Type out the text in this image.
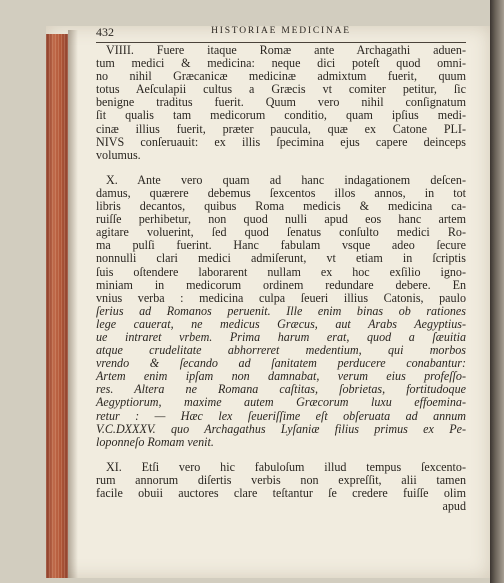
432	HISTORIAE MEDICINAE
VIIII. Fuere itaque Romæ ante Archagathi aduen-
tum medici & medicina: neque dici poteſt quod omni-
no nihil Græcanicæ medicinæ admixtum fuerit, quum
totus Aeſculapii cultus a Græcis vt comiter petitur, ſic
benigne traditus fuerit. Quum vero nihil conſignatum
ſit qualis tam medicorum conditio, quam ipſius medi-
cinæ illius fuerit, præter paucula, quæ ex Catone PLI-
NIVS conſeruauit: ex illis ſpecimina ejus capere deinceps
volumus.
X. Ante vero quam ad hanc indagationem deſcen-
damus, quærere debemus ſexcentos illos annos, in tot
libris decantos, quibus Roma medicis & medicina ca-
ruiſſe perhibetur, non quod nulli apud eos hanc artem
agitare voluerint, ſed quod ſenatus conſulto medici Ro-
ma pulſi fuerint. Hanc fabulam vsque adeo ſecure
nonnulli clari medici admiſerunt, vt etiam in ſcriptis
ſuis oſtendere laborarent nullam ex hoc exſilio igno-
miniam in medicorum ordinem redundare debere. En
vnius verba : medicina culpa ſeueri illius Catonis, paulo
ſerius ad Romanos peruenit. Ille enim binas ob rationes
lege cauerat, ne medicus Græcus, aut Arabs Aegyptius-
ue intraret vrbem. Prima harum erat, quod a ſæuitia
atque crudelitate abhorreret medentium, qui morbos
vrendo & ſecando ad ſanitatem perducere conabantur:
Artem enim ipſam non damnabat, verum eius profeſſo-
res. Altera ne Romana caſtitas, ſobrietas, fortitudoque
Aegyptiorum, maxime autem Græcorum luxu effoemina-
retur : — Hæc lex ſeueriſſime eſt obſeruata ad annum
V.C.DXXXV. quo Archagathus Lyſaniæ filius primus ex Pe-
loponneſo Romam venit.
XI. Etſi vero hic fabuloſum illud tempus ſexcento-
rum annorum diſertis verbis non expreſſit, alii tamen
facile obuii auctores clare teſtantur ſe credere fuiſſe olim
apud
